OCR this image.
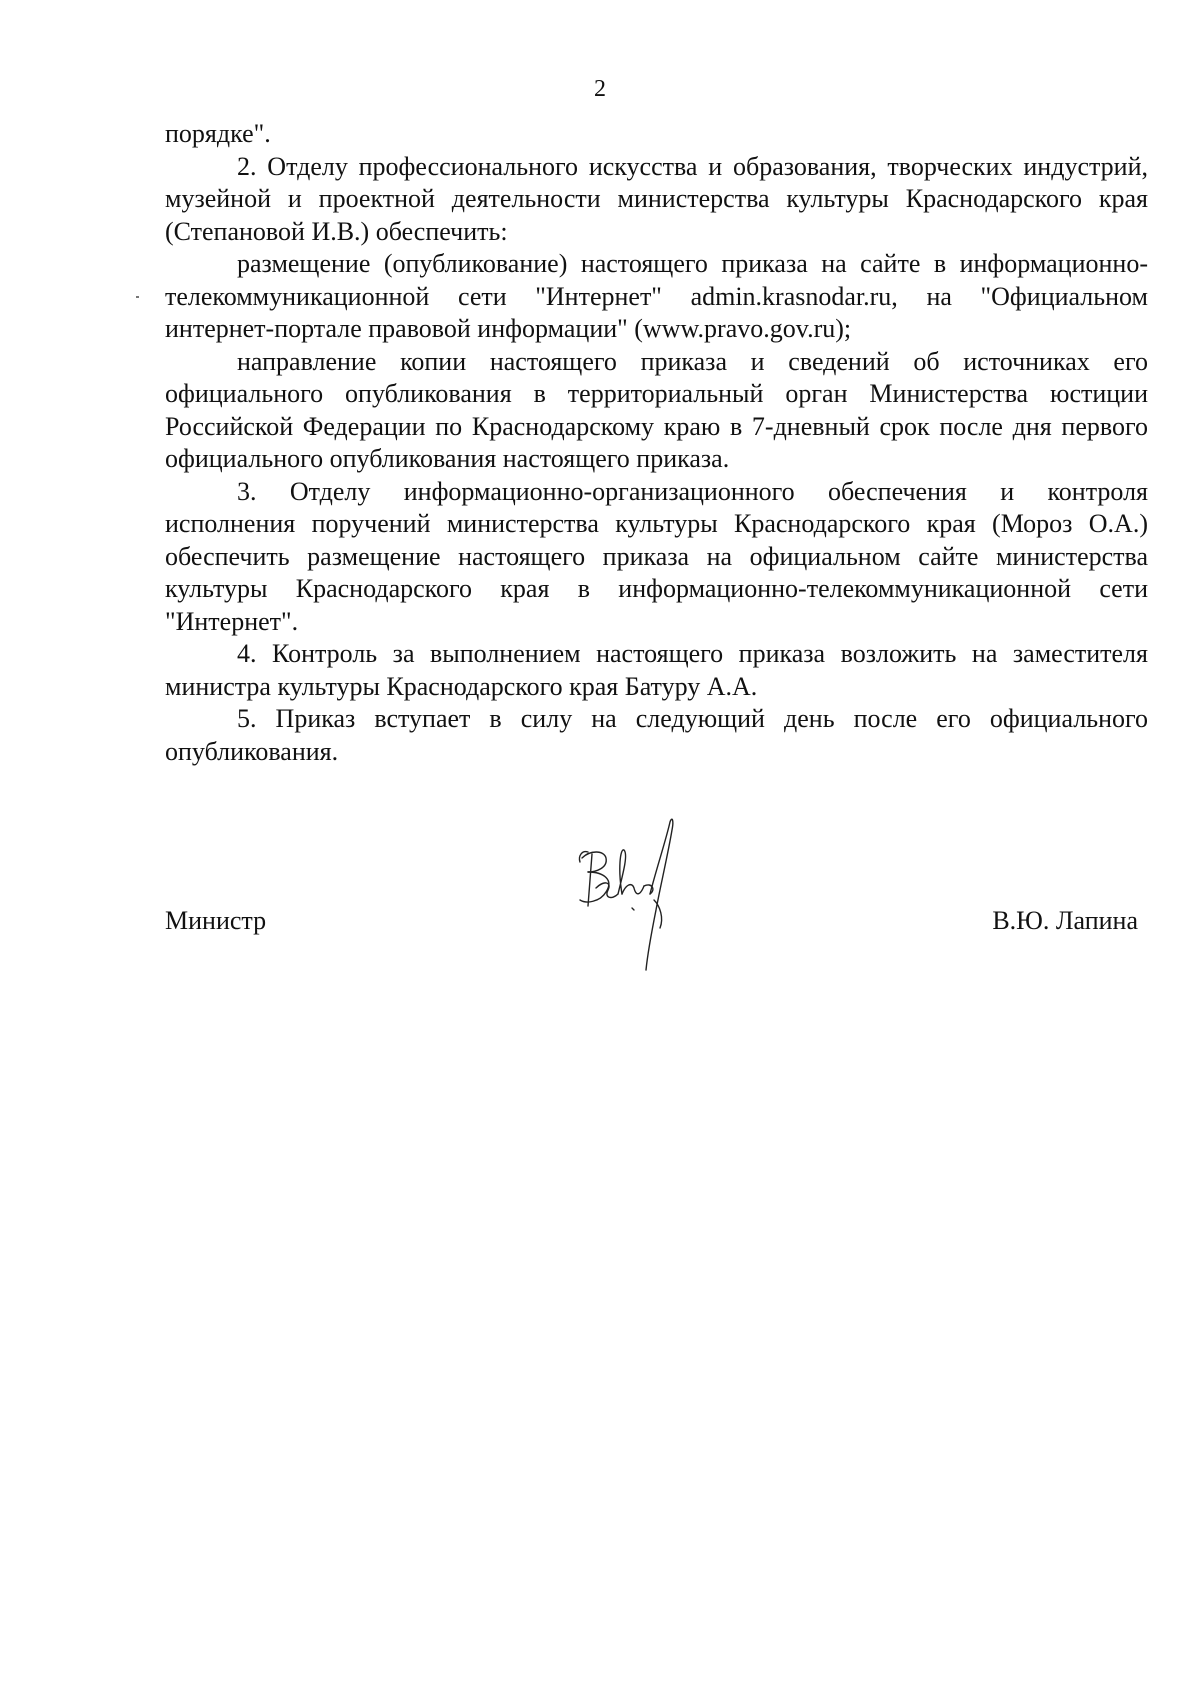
2

порядке".

2. Отделу профессионального искусства и образования, творческих индустрий, музейной и проектной деятельности министерства культуры Краснодарского края (Степановой И.В.) обеспечить:

размещение (опубликование) настоящего приказа на сайте в информационно-телекоммуникационной сети "Интернет" admin.krasnodar.ru, на "Официальном интернет-портале правовой информации" (www.pravo.gov.ru);

направление копии настоящего приказа и сведений об источниках его официального опубликования в территориальный орган Министерства юстиции Российской Федерации по Краснодарскому краю в 7-дневный срок после дня первого официального опубликования настоящего приказа.

3. Отделу информационно-организационного обеспечения и контроля исполнения поручений министерства культуры Краснодарского края (Мороз О.А.) обеспечить размещение настоящего приказа на официальном сайте министерства культуры Краснодарского края в информационно-телекоммуникационной сети "Интернет".

4. Контроль за выполнением настоящего приказа возложить на заместителя министра культуры Краснодарского края Батуру А.А.

5. Приказ вступает в силу на следующий день после его официального опубликования.

Министр	В.Ю. Лапина
